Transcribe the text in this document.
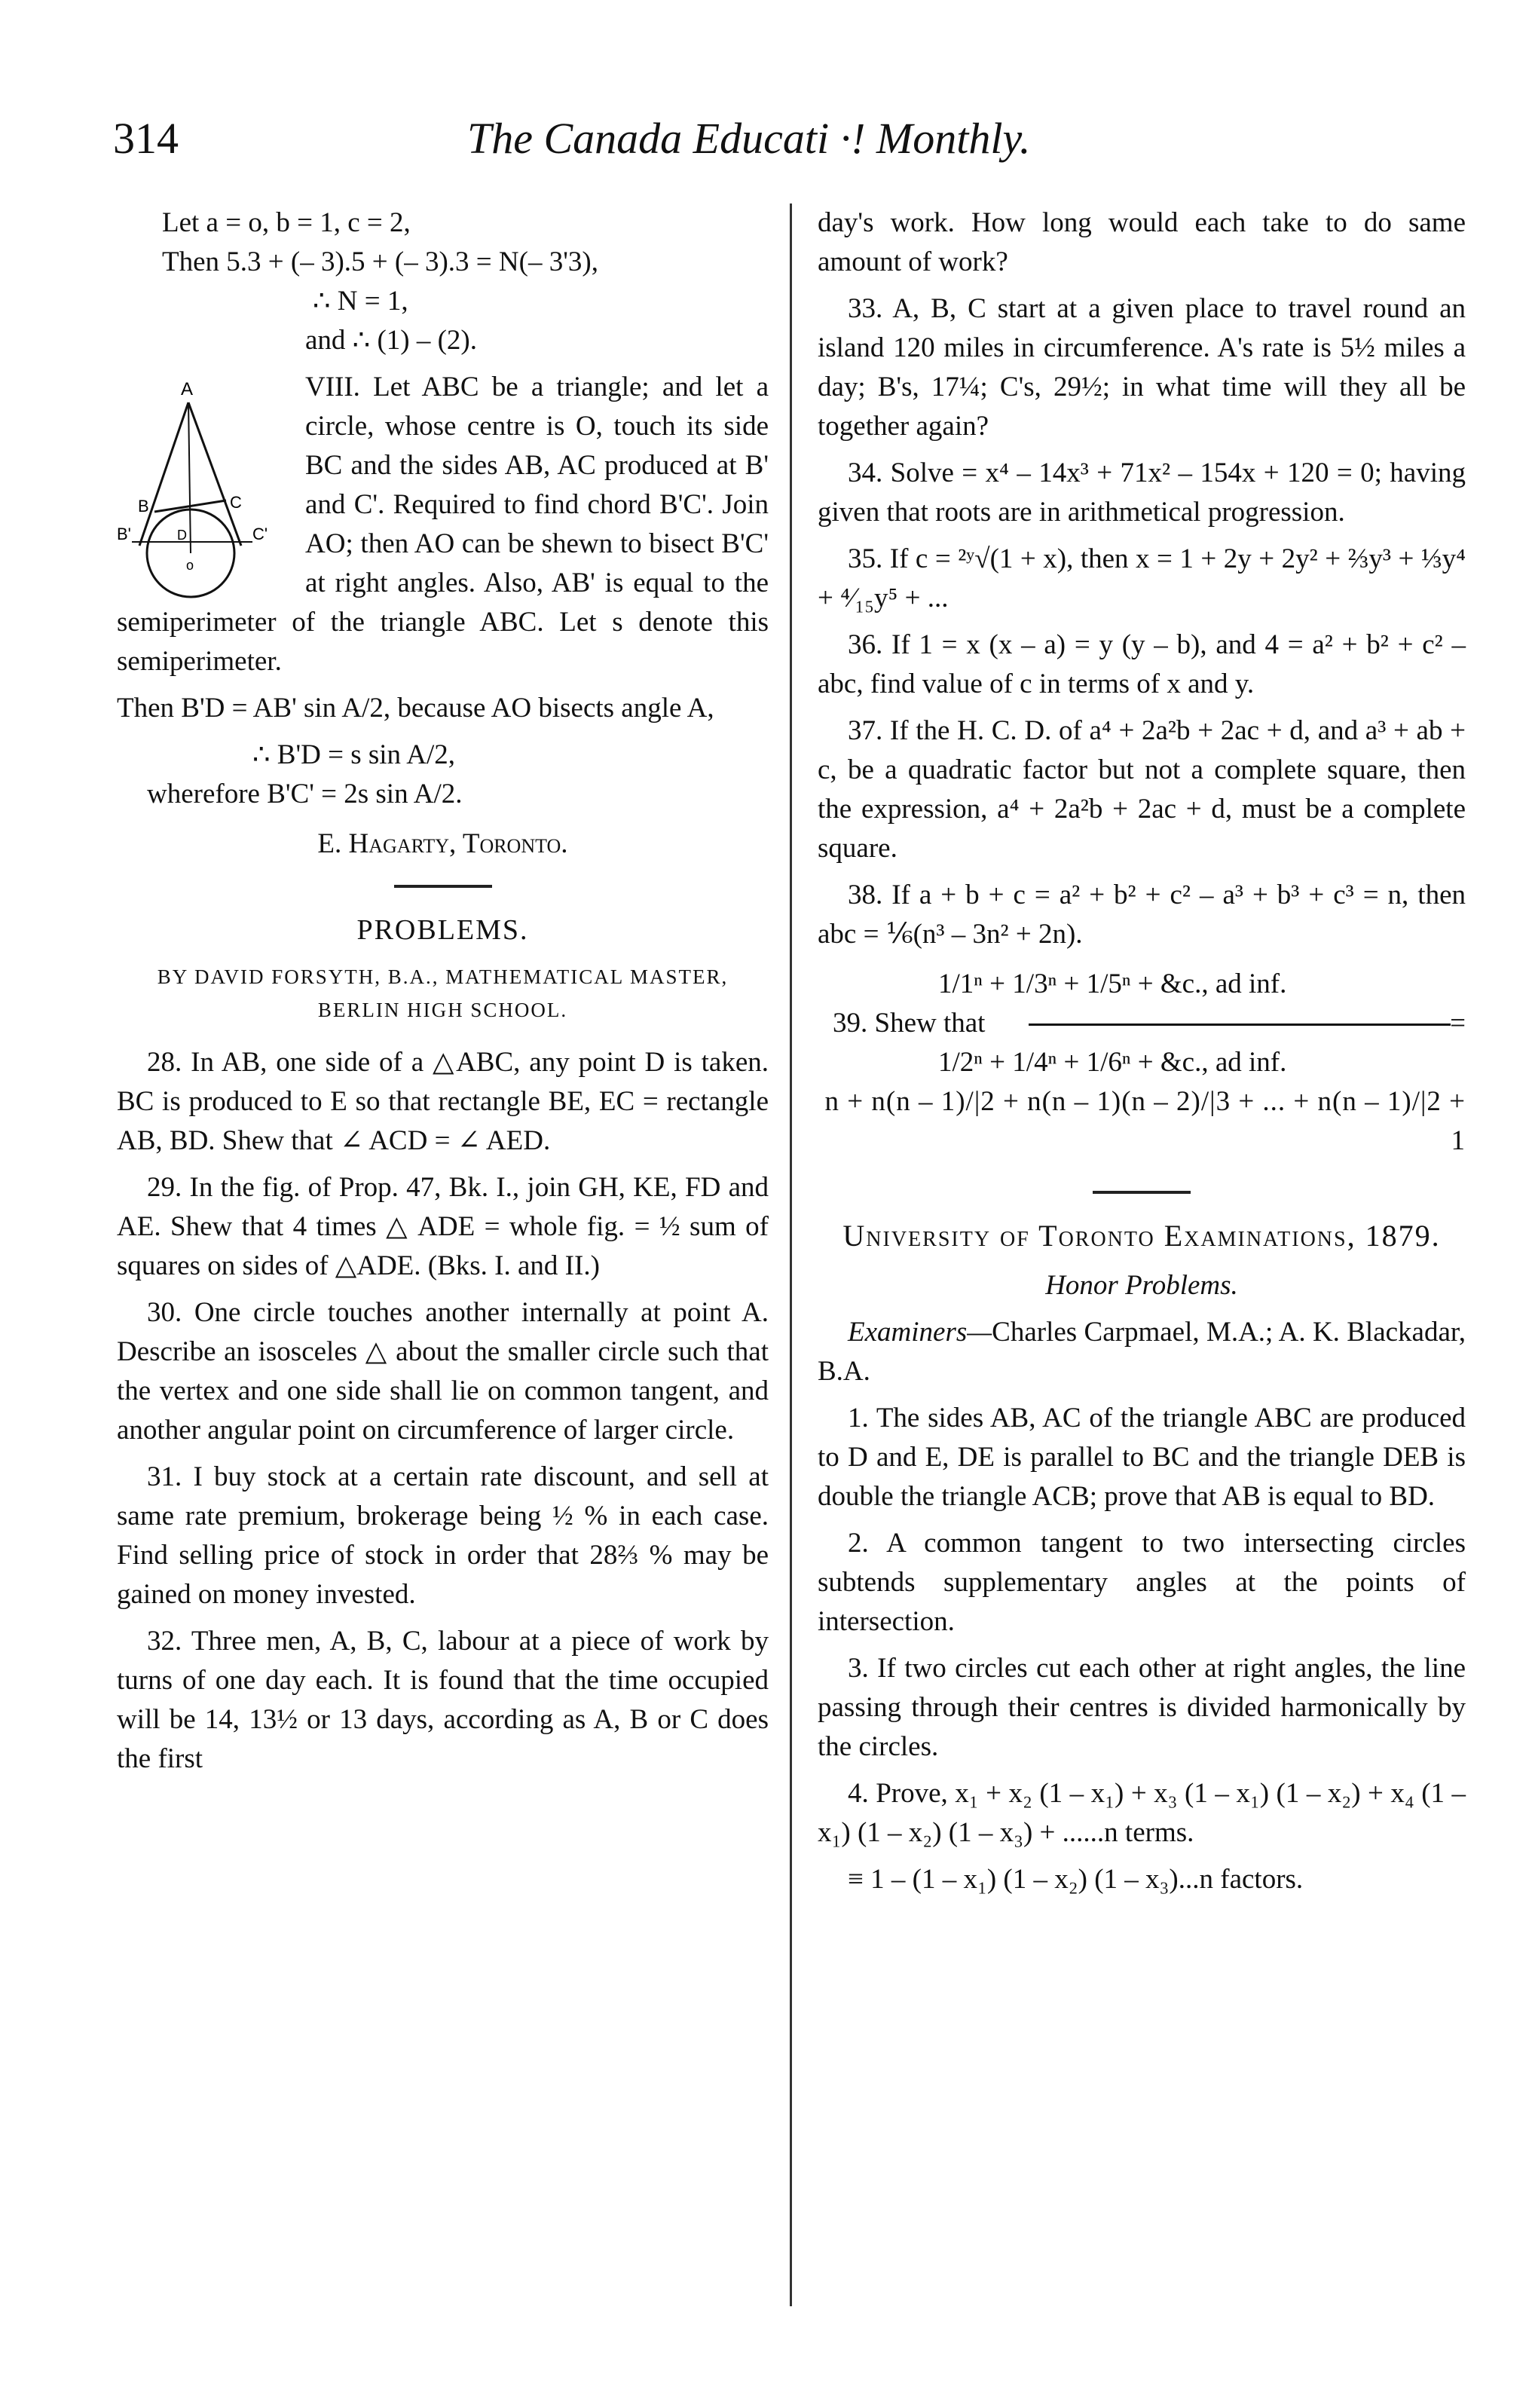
314	The Canada Educati ·! Monthly.
Let a = o, b = 1, c = 2,
Then 5.3 + (– 3).5 + (– 3).3 = N(– 3'3),
∴ N = 1,
and ∴ (1) – (2).
A
B	C
B'	D	C'
o

VIII. Let ABC be a triangle; and let a circle, whose centre is O, touch its side BC and the sides AB, AC produced at B' and C'. Required to find chord B'C'. Join AO; then AO can be shewn to bisect B'C' at right angles. Also, AB' is equal to the semiperimeter of the triangle ABC. Let s denote this semiperimeter.

Then B'D = AB' sin A/2, because AO bisects angle A,

∴ B'D = s sin A/2,
wherefore B'C' = 2s sin A/2.

E. Hagarty, Toronto.

PROBLEMS.
BY DAVID FORSYTH, B.A., MATHEMATICAL MASTER, BERLIN HIGH SCHOOL.

28. In AB, one side of a △ABC, any point D is taken. BC is produced to E so that rectangle BE, EC = rectangle AB, BD. Shew that ∠ ACD = ∠ AED.

29. In the fig. of Prop. 47, Bk. I., join GH, KE, FD and AE. Shew that 4 times △ ADE = whole fig. = ½ sum of squares on sides of △ADE. (Bks. I. and II.)

30. One circle touches another internally at point A. Describe an isosceles △ about the smaller circle such that the vertex and one side shall lie on common tangent, and another angular point on circumference of larger circle.

31. I buy stock at a certain rate discount, and sell at same rate premium, brokerage being ½ % in each case. Find selling price of stock in order that 28⅔ % may be gained on money invested.

32. Three men, A, B, C, labour at a piece of work by turns of one day each. It is found that the time occupied will be 14, 13½ or 13 days, according as A, B or C does the first

day's work. How long would each take to do same amount of work?

33. A, B, C start at a given place to travel round an island 120 miles in circumference. A's rate is 5½ miles a day; B's, 17¼; C's, 29½; in what time will they all be together again?

34. Solve = x⁴ – 14x³ + 71x² – 154x + 120 = 0; having given that roots are in arithmetical progression.

35. If c = ²ʸ√(1 + x), then x = 1 + 2y + 2y² + ⅔y³ + ⅓y⁴ + ⁴⁄₁₅y⁵ + ...

36. If 1 = x (x – a) = y (y – b), and 4 = a² + b² + c² – abc, find value of c in terms of x and y.

37. If the H. C. D. of a⁴ + 2a²b + 2ac + d, and a³ + ab + c, be a quadratic factor but not a complete square, then the expression, a⁴ + 2a²b + 2ac + d, must be a complete square.

38. If a + b + c = a² + b² + c² – a³ + b³ + c³ = n, then abc = ⅙(n³ – 3n² + 2n).

1/1ⁿ + 1/3ⁿ + 1/5ⁿ + &c., ad inf.
39. Shew that	=
1/2ⁿ + 1/4ⁿ + 1/6ⁿ + &c., ad inf.
n + n(n – 1)/|2 + n(n – 1)(n – 2)/|3 + ... + n(n – 1)/|2 + 1
University of Toronto Examinations, 1879.
Honor Problems.

Examiners—Charles Carpmael, M.A.; A. K. Blackadar, B.A.

1. The sides AB, AC of the triangle ABC are produced to D and E, DE is parallel to BC and the triangle DEB is double the triangle ACB; prove that AB is equal to BD.

2. A common tangent to two intersecting circles subtends supplementary angles at the points of intersection.

3. If two circles cut each other at right angles, the line passing through their centres is divided harmonically by the circles.

4. Prove, x₁ + x₂ (1 – x₁) + x₃ (1 – x₁) (1 – x₂) + x₄ (1 – x₁) (1 – x₂) (1 – x₃) + ......n terms.

≡ 1 – (1 – x₁) (1 – x₂) (1 – x₃)...n factors.
